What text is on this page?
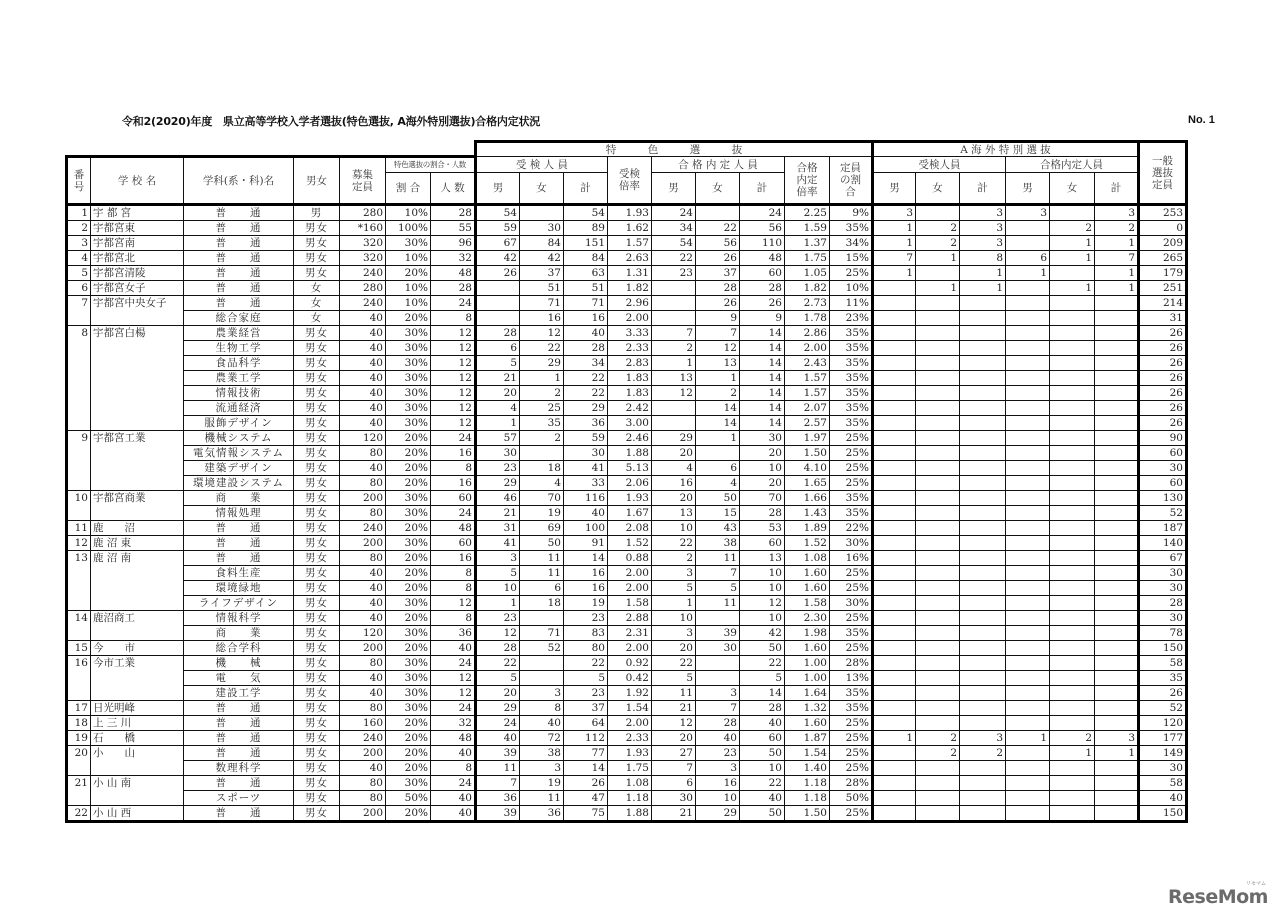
令和2(2020)年度　県立高等学校入学者選抜(特色選抜, A海外特別選抜)合格内定状況	No. 1
							特　　　色　　　選　　　抜									A 海 外 特 別 選 抜						一般選抜定員
番号	学 校 名	学科(系・科)名	男女	募集定員	特色選抜の割合・人数		受 検 人 員			受検倍率	合 格 内 定 人 員			合格内定倍率	定員の割合	受検人員			合格内定人員			
					割 合	人 数	男	女	計		男	女	計			男	女	計	男	女	計	
1	宇 都 宮	普　　通	男	280	10%	28	54		54	1.93	24		24	2.25	9%	3		3	3		3	253
2	宇都宮東	普　　通	男女	*160	100%	55	59	30	89	1.62	34	22	56	1.59	35%	1	2	3		2	2	0
3	宇都宮南	普　　通	男女	320	30%	96	67	84	151	1.57	54	56	110	1.37	34%	1	2	3		1	1	209
4	宇都宮北	普　　通	男女	320	10%	32	42	42	84	2.63	22	26	48	1.75	15%	7	1	8	6	1	7	265
5	宇都宮清陵	普　　通	男女	240	20%	48	26	37	63	1.31	23	37	60	1.05	25%	1		1	1		1	179
6	宇都宮女子	普　　通	女	280	10%	28		51	51	1.82		28	28	1.82	10%		1	1		1	1	251
7	宇都宮中央女子	普　　通	女	240	10%	24		71	71	2.96		26	26	2.73	11%							214
		総合家庭	女	40	20%	8		16	16	2.00		9	9	1.78	23%							31
8	宇都宮白楊	農業経営	男女	40	30%	12	28	12	40	3.33	7	7	14	2.86	35%							26
		生物工学	男女	40	30%	12	6	22	28	2.33	2	12	14	2.00	35%							26
		食品科学	男女	40	30%	12	5	29	34	2.83	1	13	14	2.43	35%							26
		農業工学	男女	40	30%	12	21	1	22	1.83	13	1	14	1.57	35%							26
		情報技術	男女	40	30%	12	20	2	22	1.83	12	2	14	1.57	35%							26
		流通経済	男女	40	30%	12	4	25	29	2.42		14	14	2.07	35%							26
		服飾デザイン	男女	40	30%	12	1	35	36	3.00		14	14	2.57	35%							26
9	宇都宮工業	機械システム	男女	120	20%	24	57	2	59	2.46	29	1	30	1.97	25%							90
		電気情報システム	男女	80	20%	16	30		30	1.88	20		20	1.50	25%							60
		建築デザイン	男女	40	20%	8	23	18	41	5.13	4	6	10	4.10	25%							30
		環境建設システム	男女	80	20%	16	29	4	33	2.06	16	4	20	1.65	25%							60
10	宇都宮商業	商　　業	男女	200	30%	60	46	70	116	1.93	20	50	70	1.66	35%							130
		情報処理	男女	80	30%	24	21	19	40	1.67	13	15	28	1.43	35%							52
11	鹿　　沼	普　　通	男女	240	20%	48	31	69	100	2.08	10	43	53	1.89	22%							187
12	鹿 沼 東	普　　通	男女	200	30%	60	41	50	91	1.52	22	38	60	1.52	30%							140
13	鹿 沼 南	普　　通	男女	80	20%	16	3	11	14	0.88	2	11	13	1.08	16%							67
		食料生産	男女	40	20%	8	5	11	16	2.00	3	7	10	1.60	25%							30
		環境緑地	男女	40	20%	8	10	6	16	2.00	5	5	10	1.60	25%							30
		ライフデザイン	男女	40	30%	12	1	18	19	1.58	1	11	12	1.58	30%							28
14	鹿沼商工	情報科学	男女	40	20%	8	23		23	2.88	10		10	2.30	25%							30
		商　　業	男女	120	30%	36	12	71	83	2.31	3	39	42	1.98	35%							78
15	今　　市	総合学科	男女	200	20%	40	28	52	80	2.00	20	30	50	1.60	25%							150
16	今市工業	機　　械	男女	80	30%	24	22		22	0.92	22		22	1.00	28%							58
		電　　気	男女	40	30%	12	5		5	0.42	5		5	1.00	13%							35
		建設工学	男女	40	30%	12	20	3	23	1.92	11	3	14	1.64	35%							26
17	日光明峰	普　　通	男女	80	30%	24	29	8	37	1.54	21	7	28	1.32	35%							52
18	上 三 川	普　　通	男女	160	20%	32	24	40	64	2.00	12	28	40	1.60	25%							120
19	石　　橋	普　　通	男女	240	20%	48	40	72	112	2.33	20	40	60	1.87	25%	1	2	3	1	2	3	177
20	小　　山	普　　通	男女	200	20%	40	39	38	77	1.93	27	23	50	1.54	25%		2	2		1	1	149
		数理科学	男女	40	20%	8	11	3	14	1.75	7	3	10	1.40	25%							30
21	小 山 南	普　　通	男女	80	30%	24	7	19	26	1.08	6	16	22	1.18	28%							58
		スポーツ	男女	80	50%	40	36	11	47	1.18	30	10	40	1.18	50%							40
22	小 山 西	普　　通	男女	200	20%	40	39	36	75	1.88	21	29	50	1.50	25%							150
リセマム
ReseMom
